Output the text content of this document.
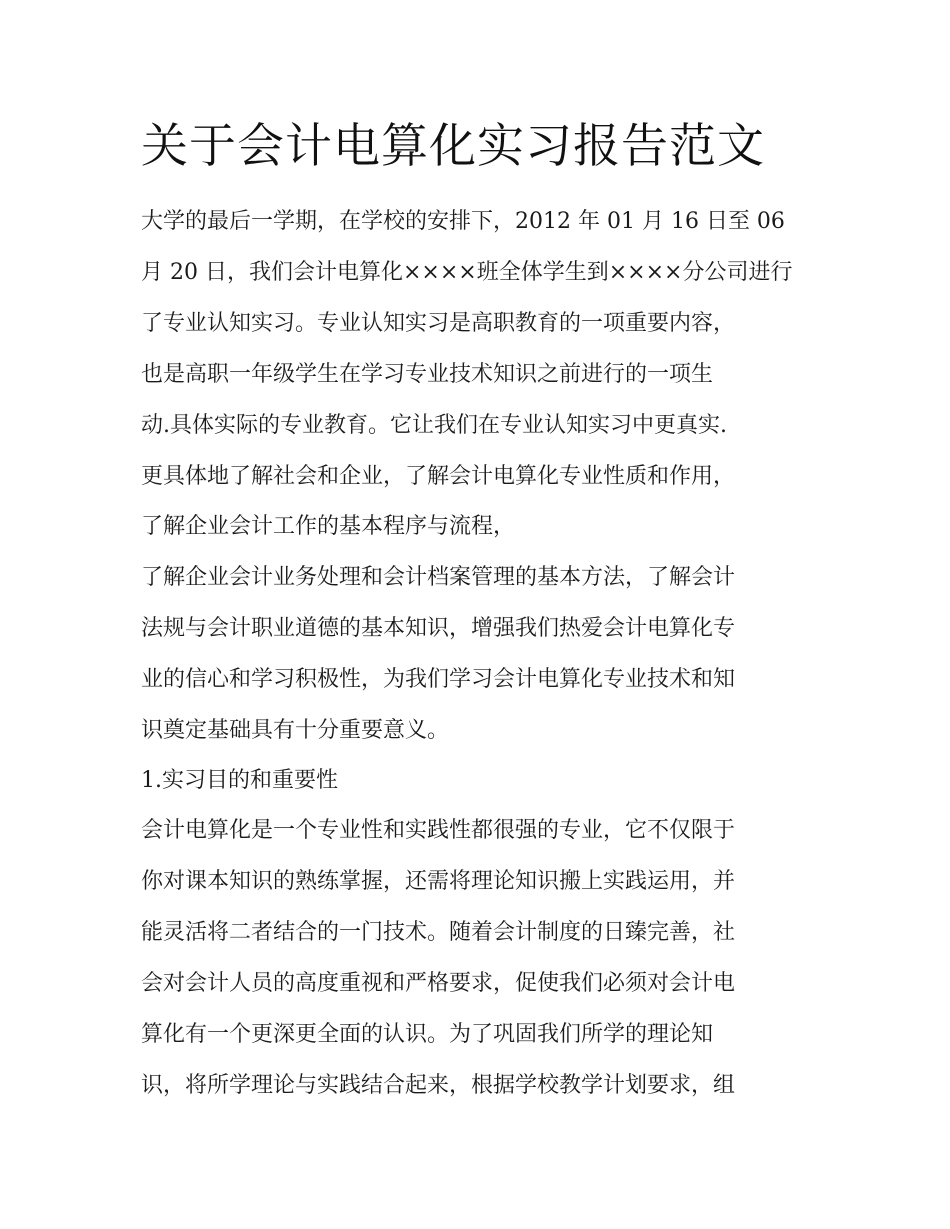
关于会计电算化实习报告范文

大学的最后一学期，在学校的安排下，2012 年 01 月 16 日至 06

月 20 日，我们会计电算化××××班全体学生到××××分公司进行

了专业认知实习。专业认知实习是高职教育的一项重要内容，

也是高职一年级学生在学习专业技术知识之前进行的一项生

动.具体实际的专业教育。它让我们在专业认知实习中更真实.

更具体地了解社会和企业，了解会计电算化专业性质和作用，

了解企业会计工作的基本程序与流程，

了解企业会计业务处理和会计档案管理的基本方法，了解会计

法规与会计职业道德的基本知识，增强我们热爱会计电算化专

业的信心和学习积极性，为我们学习会计电算化专业技术和知

识奠定基础具有十分重要意义。

1.实习目的和重要性

会计电算化是一个专业性和实践性都很强的专业，它不仅限于

你对课本知识的熟练掌握，还需将理论知识搬上实践运用，并

能灵活将二者结合的一门技术。随着会计制度的日臻完善，社

会对会计人员的高度重视和严格要求，促使我们必须对会计电

算化有一个更深更全面的认识。为了巩固我们所学的理论知

识，将所学理论与实践结合起来，根据学校教学计划要求，组
